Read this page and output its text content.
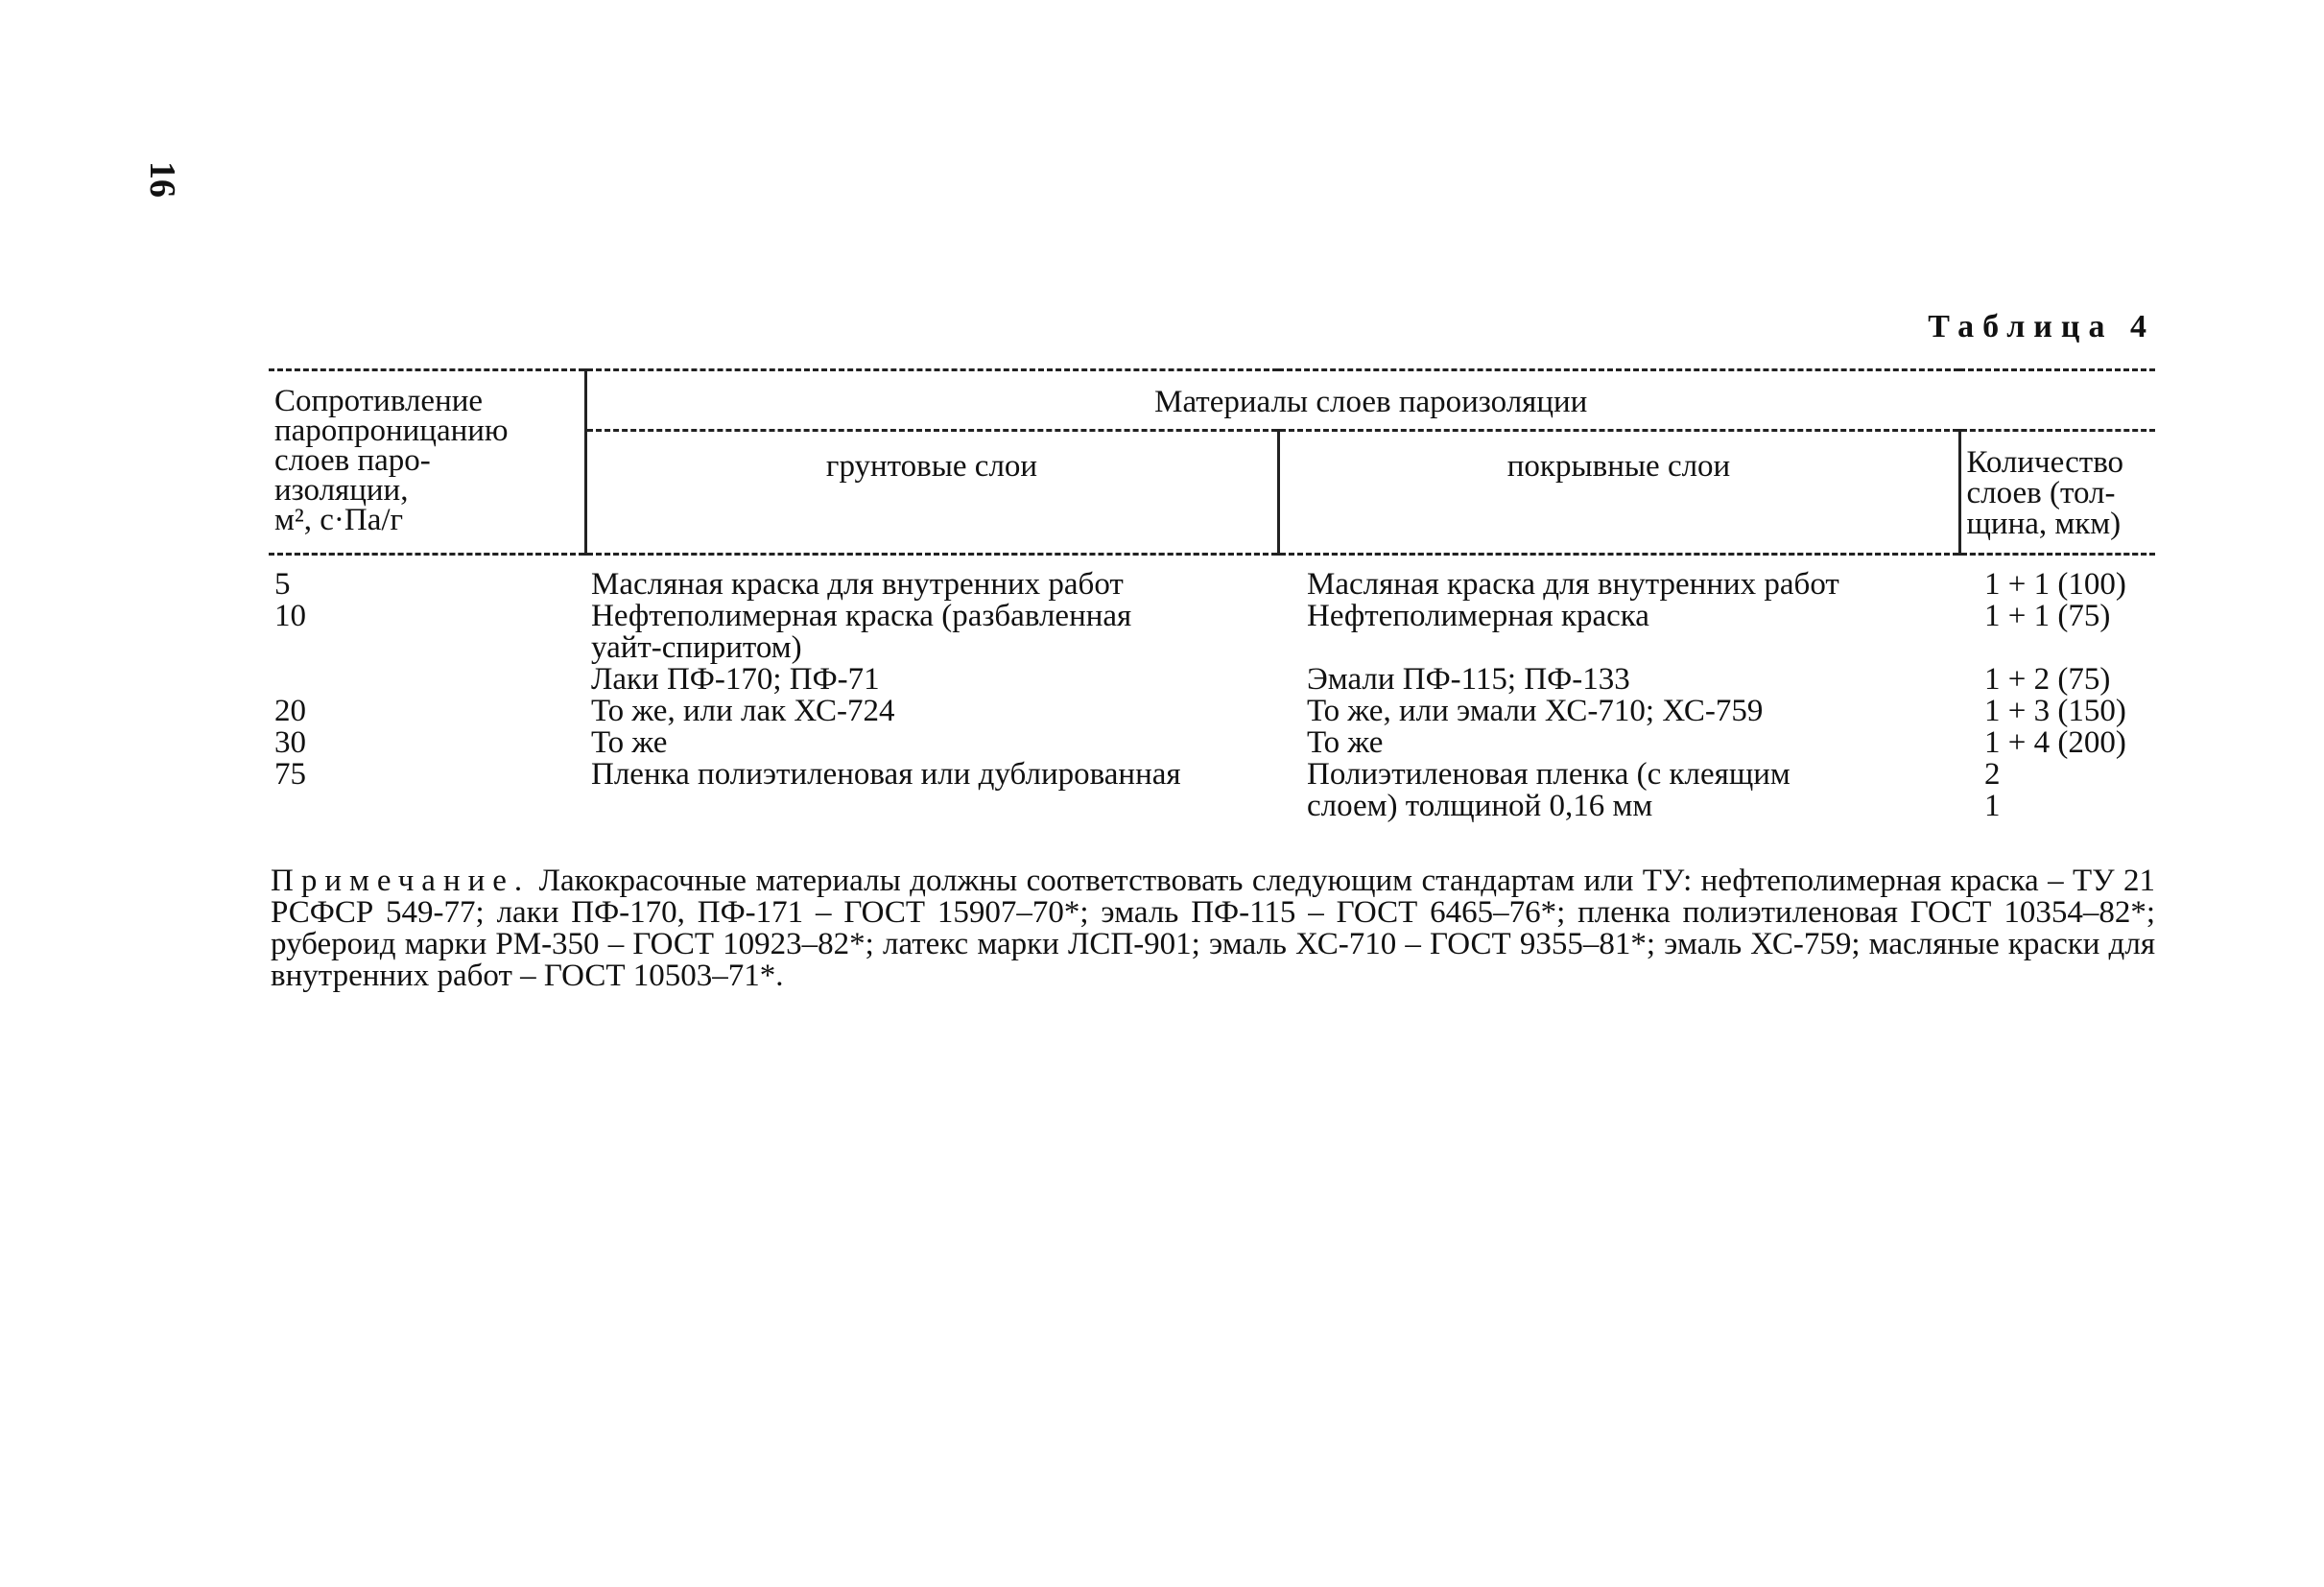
16
Таблица 4
Сопротивление
паропроницанию
слоев паро-
изоляции,
м², с·Па/г	Материалы слоев пароизоляции		
	грунтовые слои	покрывные слои	Количество
слоев (тол-
щина, мкм)

5	Масляная краска для внутренних работ	Масляная краска для внутренних работ	1 + 1 (100)
10	Нефтеполимерная краска (разбавленная	Нефтеполимерная краска	1 + 1 (75)
	уайт-спиритом)		
	Лаки ПФ-170; ПФ-71	Эмали ПФ-115; ПФ-133	1 + 2 (75)
20	То же, или лак ХС-724	То же, или эмали ХС-710; ХС-759	1 + 3 (150)
30	То же	То же	1 + 4 (200)
75	Пленка полиэтиленовая или дублированная	Полиэтиленовая пленка (с клеящим	2
		слоем) толщиной 0,16 мм	1
Примечание. Лакокрасочные материалы должны соответствовать следующим стандартам или ТУ: нефтеполимерная краска – ТУ 21 РСФСР 549-77; лаки ПФ-170, ПФ-171 – ГОСТ 15907–70*; эмаль ПФ-115 – ГОСТ 6465–76*; пленка полиэтиленовая ГОСТ 10354–82*; рубероид марки РМ-350 – ГОСТ 10923–82*; латекс марки ЛСП-901; эмаль ХС-710 – ГОСТ 9355–81*; эмаль ХС-759; масляные краски для внутренних работ – ГОСТ 10503–71*.
